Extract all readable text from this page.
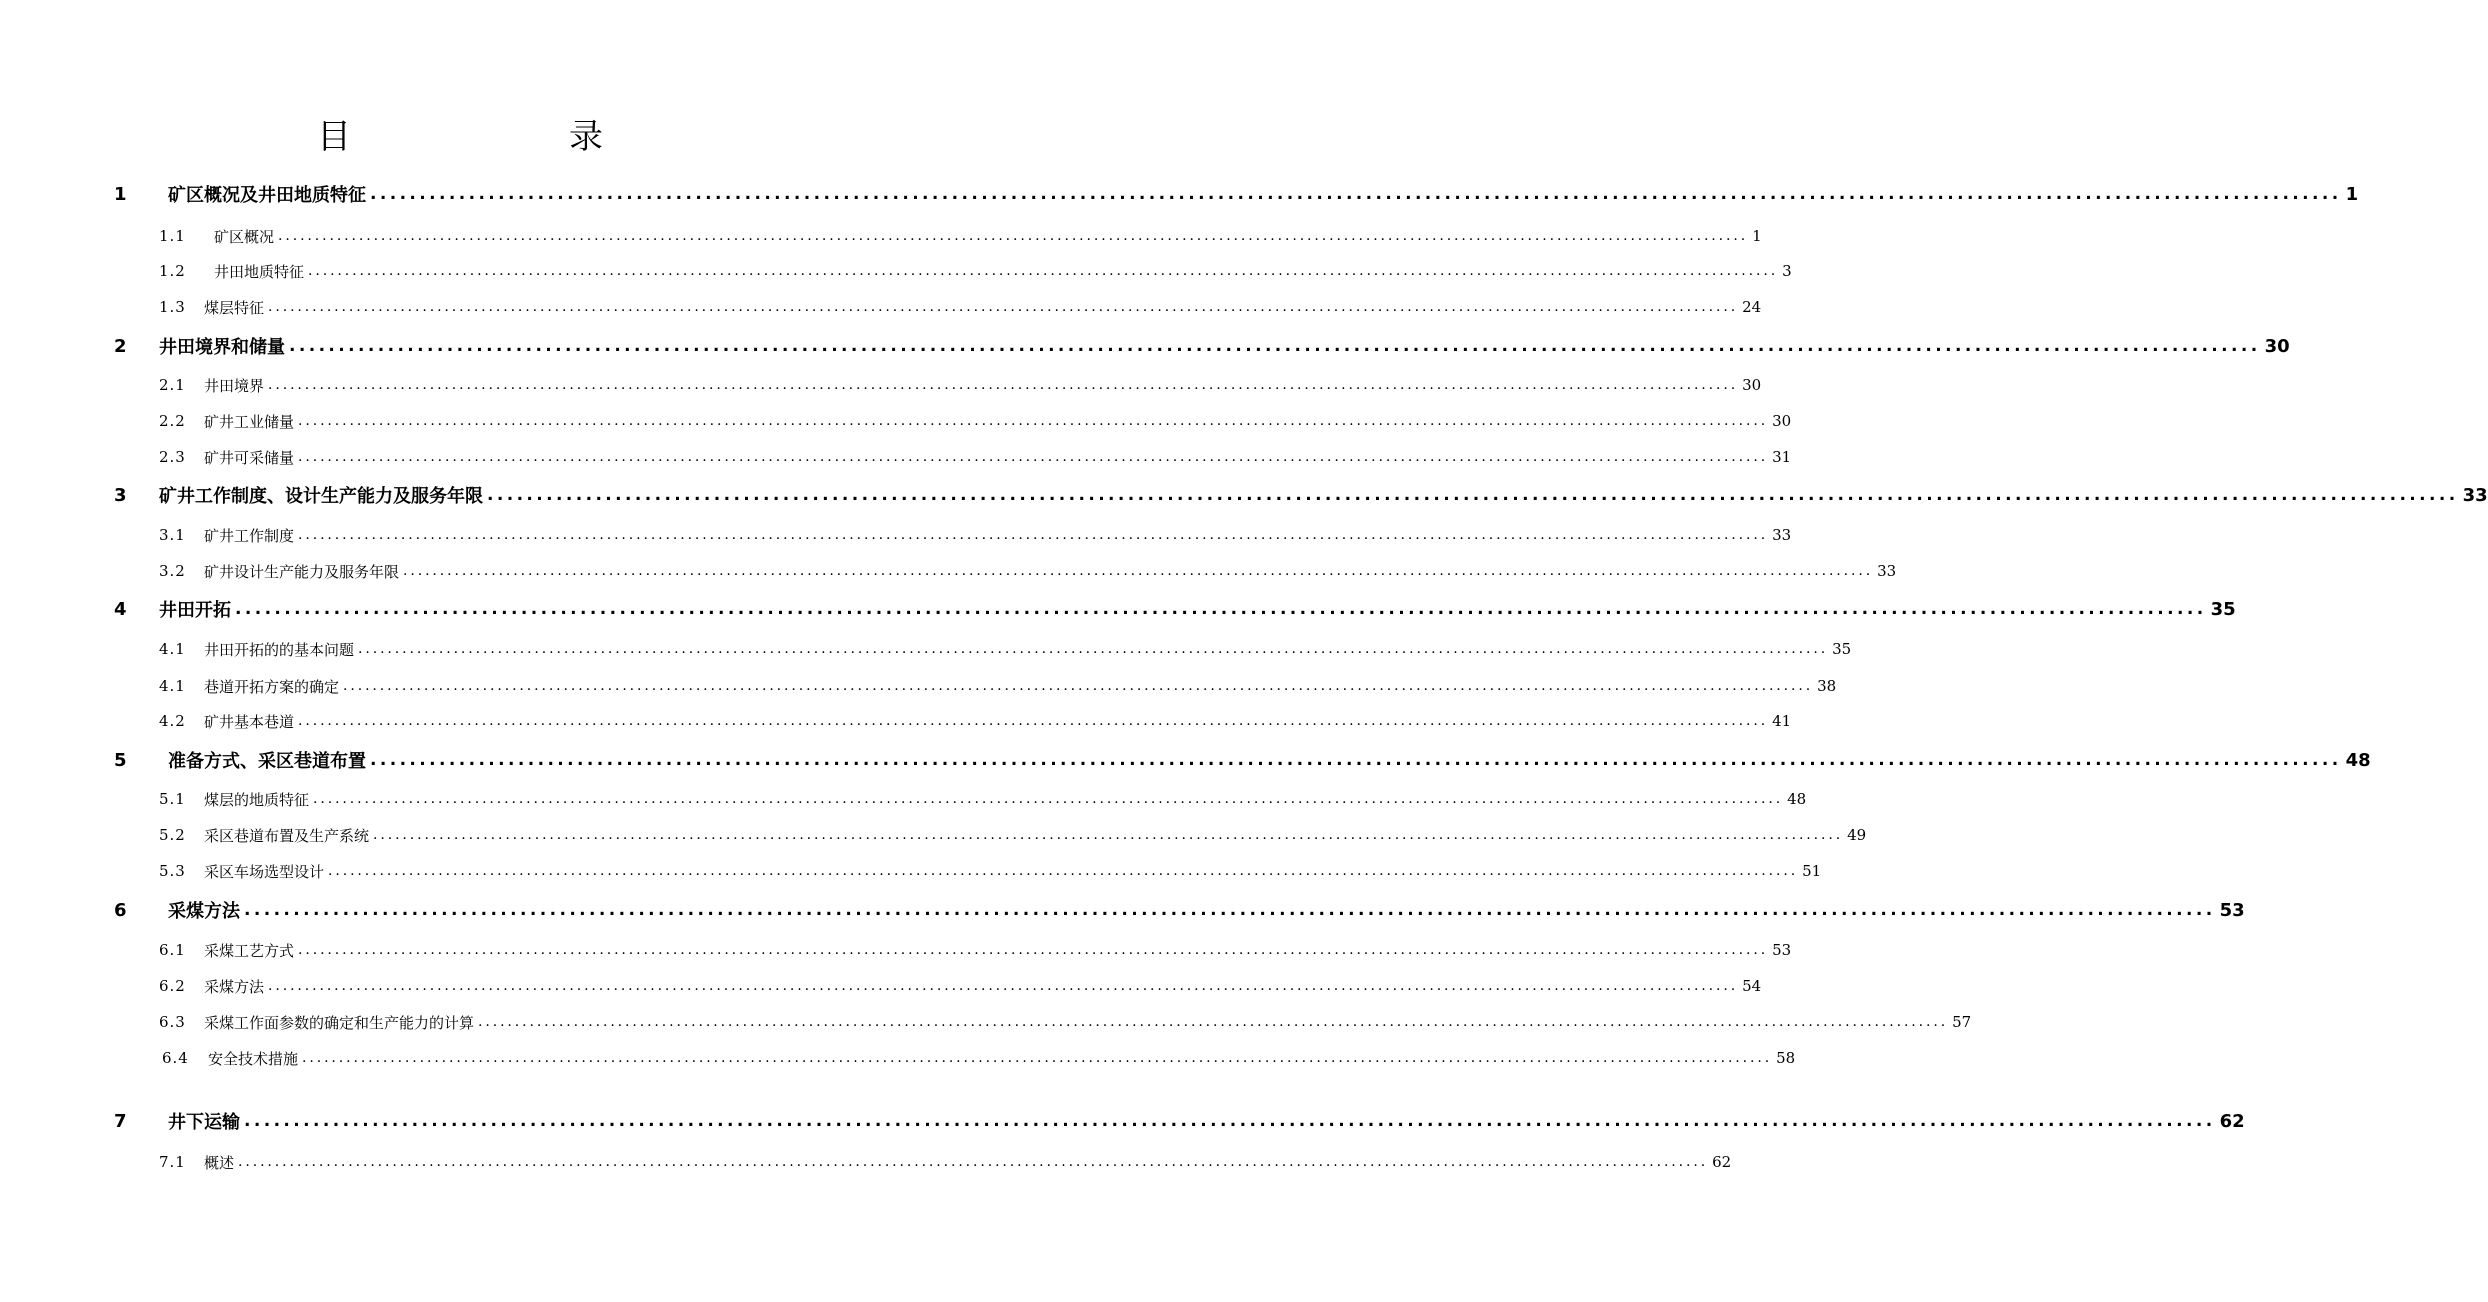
目　　录
1 矿区概况及井田地质特征 ........................................................................................................................................................................................................ 1
1.1 矿区概况 ........................................................................................................................................................................................................ 1
1.2 井田地质特征 ........................................................................................................................................................................................................ 3
1.3 煤层特征 ........................................................................................................................................................................................................ 24
2 井田境界和储量 ........................................................................................................................................................................................................ 30
2.1 井田境界 ........................................................................................................................................................................................................ 30
2.2 矿井工业储量 ........................................................................................................................................................................................................ 30
2.3 矿井可采储量 ........................................................................................................................................................................................................ 31
3 矿井工作制度、设计生产能力及服务年限 ........................................................................................................................................................................................................ 33
3.1 矿井工作制度 ........................................................................................................................................................................................................ 33
3.2 矿井设计生产能力及服务年限 ........................................................................................................................................................................................................ 33
4 井田开拓 ........................................................................................................................................................................................................ 35
4.1 井田开拓的的基本问题 ........................................................................................................................................................................................................ 35
4.1 巷道开拓方案的确定 ........................................................................................................................................................................................................ 38
4.2 矿井基本巷道 ........................................................................................................................................................................................................ 41
5 准备方式、采区巷道布置 ........................................................................................................................................................................................................ 48
5.1 煤层的地质特征 ........................................................................................................................................................................................................ 48
5.2 采区巷道布置及生产系统 ........................................................................................................................................................................................................ 49
5.3 采区车场选型设计 ........................................................................................................................................................................................................ 51
6 采煤方法 ........................................................................................................................................................................................................ 53
6.1 采煤工艺方式 ........................................................................................................................................................................................................ 53
6.2 采煤方法 ........................................................................................................................................................................................................ 54
6.3 采煤工作面参数的确定和生产能力的计算 ........................................................................................................................................................................................................ 57
6.4 安全技术措施 ........................................................................................................................................................................................................ 58
7 井下运输 ........................................................................................................................................................................................................ 62
7.1 概述 ........................................................................................................................................................................................................ 62
